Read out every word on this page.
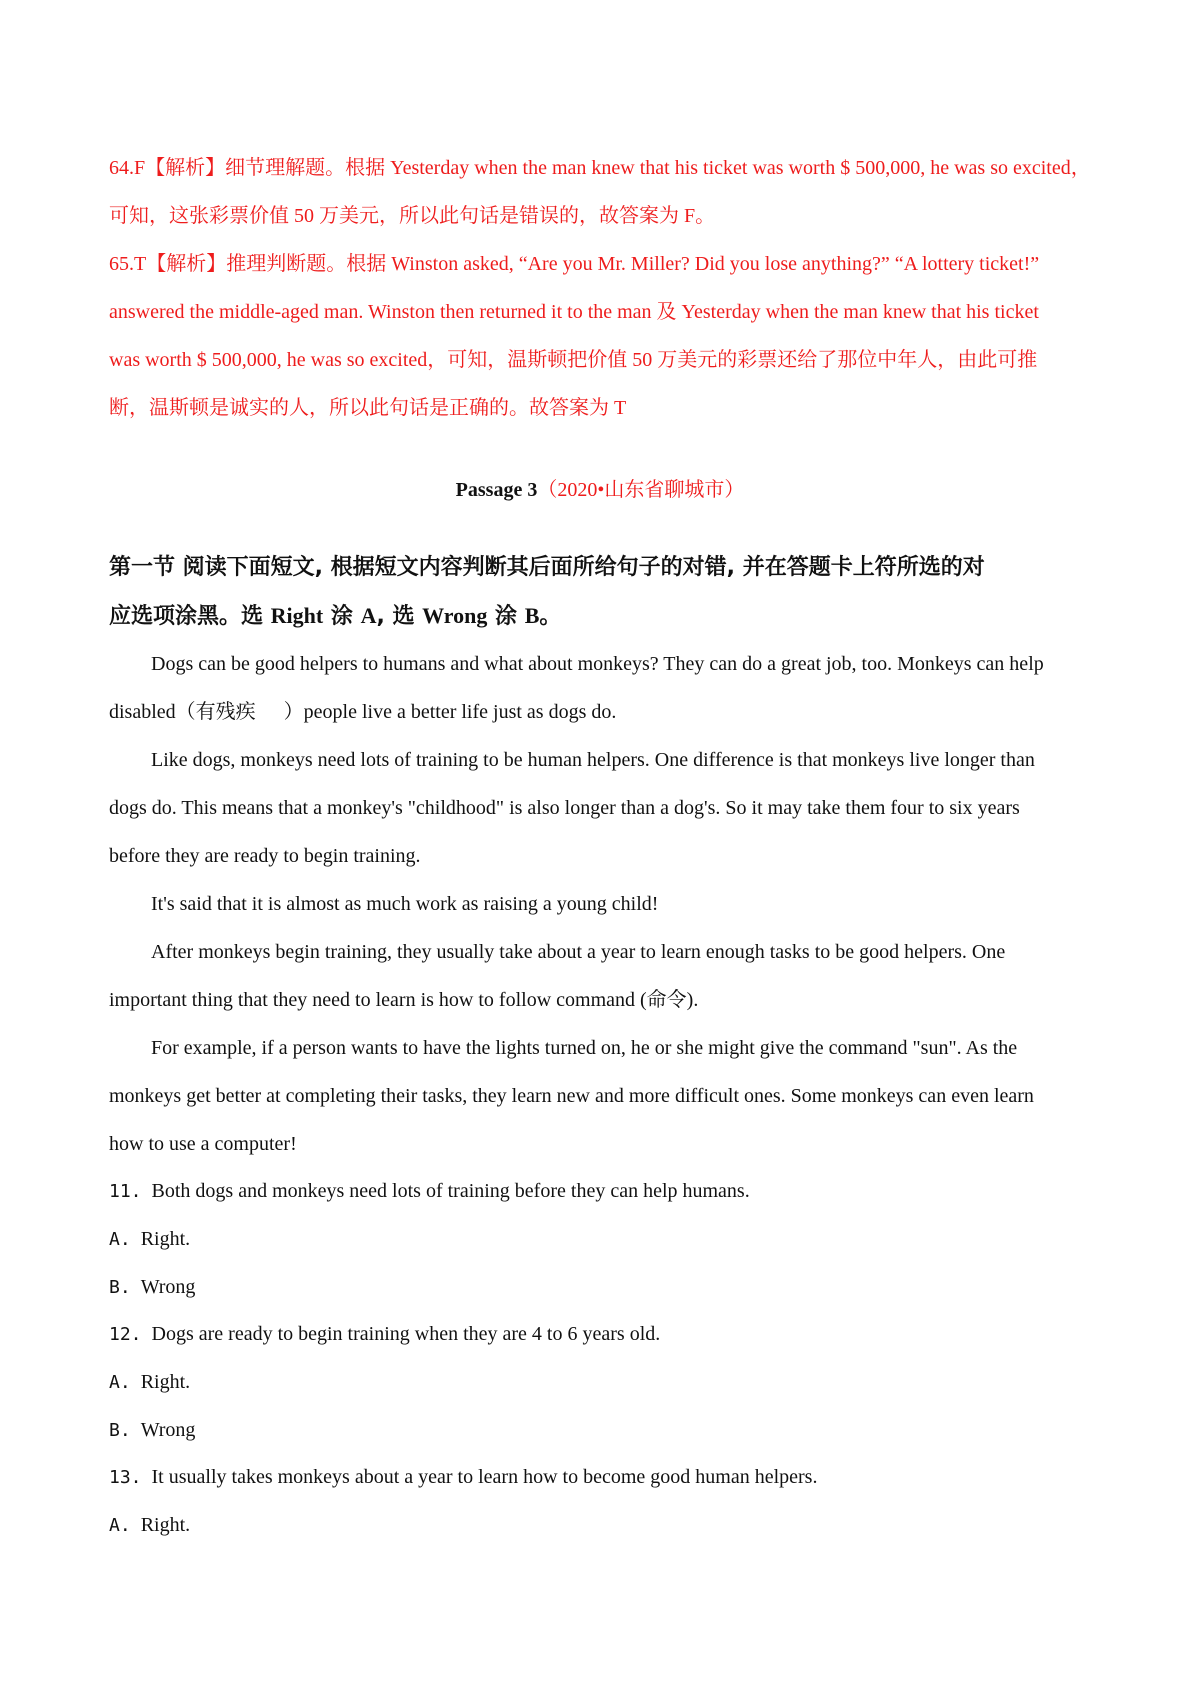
64.F【解析】细节理解题。根据 Yesterday when the man knew that his ticket was worth $ 500,000, he was so excited，
可知，这张彩票价值 50 万美元，所以此句话是错误的，故答案为 F。
65.T【解析】推理判断题。根据 Winston asked, “Are you Mr. Miller? Did you lose anything?” “A lottery ticket!”
answered the middle-aged man. Winston then returned it to the man 及 Yesterday when the man knew that his ticket
was worth $ 500,000, he was so excited，可知，温斯顿把价值 50 万美元的彩票还给了那位中年人，由此可推
断，温斯顿是诚实的人，所以此句话是正确的。故答案为 T
Passage 3（2020•山东省聊城市）
第一节 阅读下面短文, 根据短文内容判断其后面所给句子的对错, 并在答题卡上符所选的对
应选项涂黑。选 Right 涂 A, 选 Wrong 涂 B。
Dogs can be good helpers to humans and what about monkeys? They can do a great job, too. Monkeys can help
disabled（有残疾 ）people live a better life just as dogs do.
Like dogs, monkeys need lots of training to be human helpers. One difference is that monkeys live longer than
dogs do. This means that a monkey's "childhood" is also longer than a dog's. So it may take them four to six years
before they are ready to begin training.
It's said that it is almost as much work as raising a young child!
After monkeys begin training, they usually take about a year to learn enough tasks to be good helpers. One
important thing that they need to learn is how to follow command (命令).
For example, if a person wants to have the lights turned on, he or she might give the command "sun". As the
monkeys get better at completing their tasks, they learn new and more difficult ones. Some monkeys can even learn
how to use a computer!
11. Both dogs and monkeys need lots of training before they can help humans.
A. Right.
B. Wrong
12. Dogs are ready to begin training when they are 4 to 6 years old.
A. Right.
B. Wrong
13. It usually takes monkeys about a year to learn how to become good human helpers.
A. Right.
